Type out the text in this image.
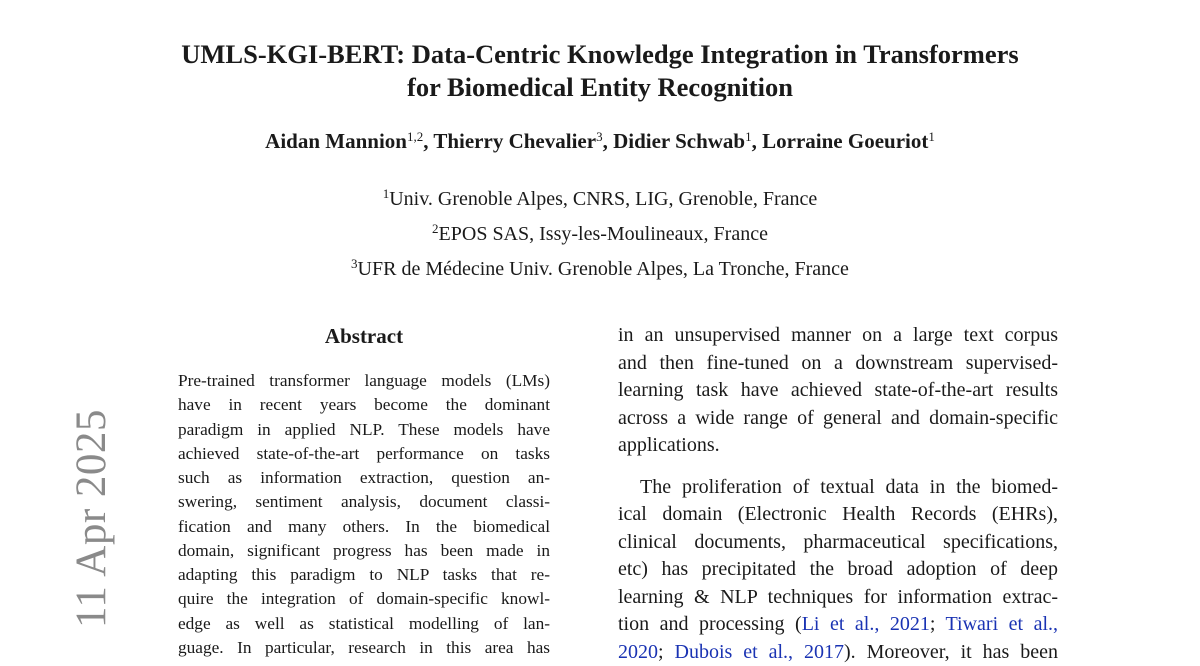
11 Apr 2025
UMLS-KGI-BERT: Data-Centric Knowledge Integration in Transformers
for Biomedical Entity Recognition
Aidan Mannion$^{1,2}$, Thierry Chevalier$^3$, Didier Schwab$^1$, Lorraine Goeuriot$^1$
$^1$Univ. Grenoble Alpes, CNRS, LIG, Grenoble, France
$^2$EPOS SAS, Issy-les-Moulineaux, France
$^3$UFR de Médecine Univ. Grenoble Alpes, La Tronche, France
Abstract
Pre-trained transformer language models (LMs)
have in recent years become the dominant
paradigm in applied NLP. These models have
achieved state-of-the-art performance on tasks
such as information extraction, question an-
swering, sentiment analysis, document classi-
fication and many others. In the biomedical
domain, significant progress has been made in
adapting this paradigm to NLP tasks that re-
quire the integration of domain-specific knowl-
edge as well as statistical modelling of lan-
guage. In particular, research in this area has
in an unsupervised manner on a large text corpus
and then fine-tuned on a downstream supervised-
learning task have achieved state-of-the-art results
across a wide range of general and domain-specific
applications.
The proliferation of textual data in the biomed-
ical domain (Electronic Health Records (EHRs),
clinical documents, pharmaceutical specifications,
etc) has precipitated the broad adoption of deep
learning & NLP techniques for information extrac-
tion and processing (Li et al., 2021; Tiwari et al.,
2020; Dubois et al., 2017). Moreover, it has been
